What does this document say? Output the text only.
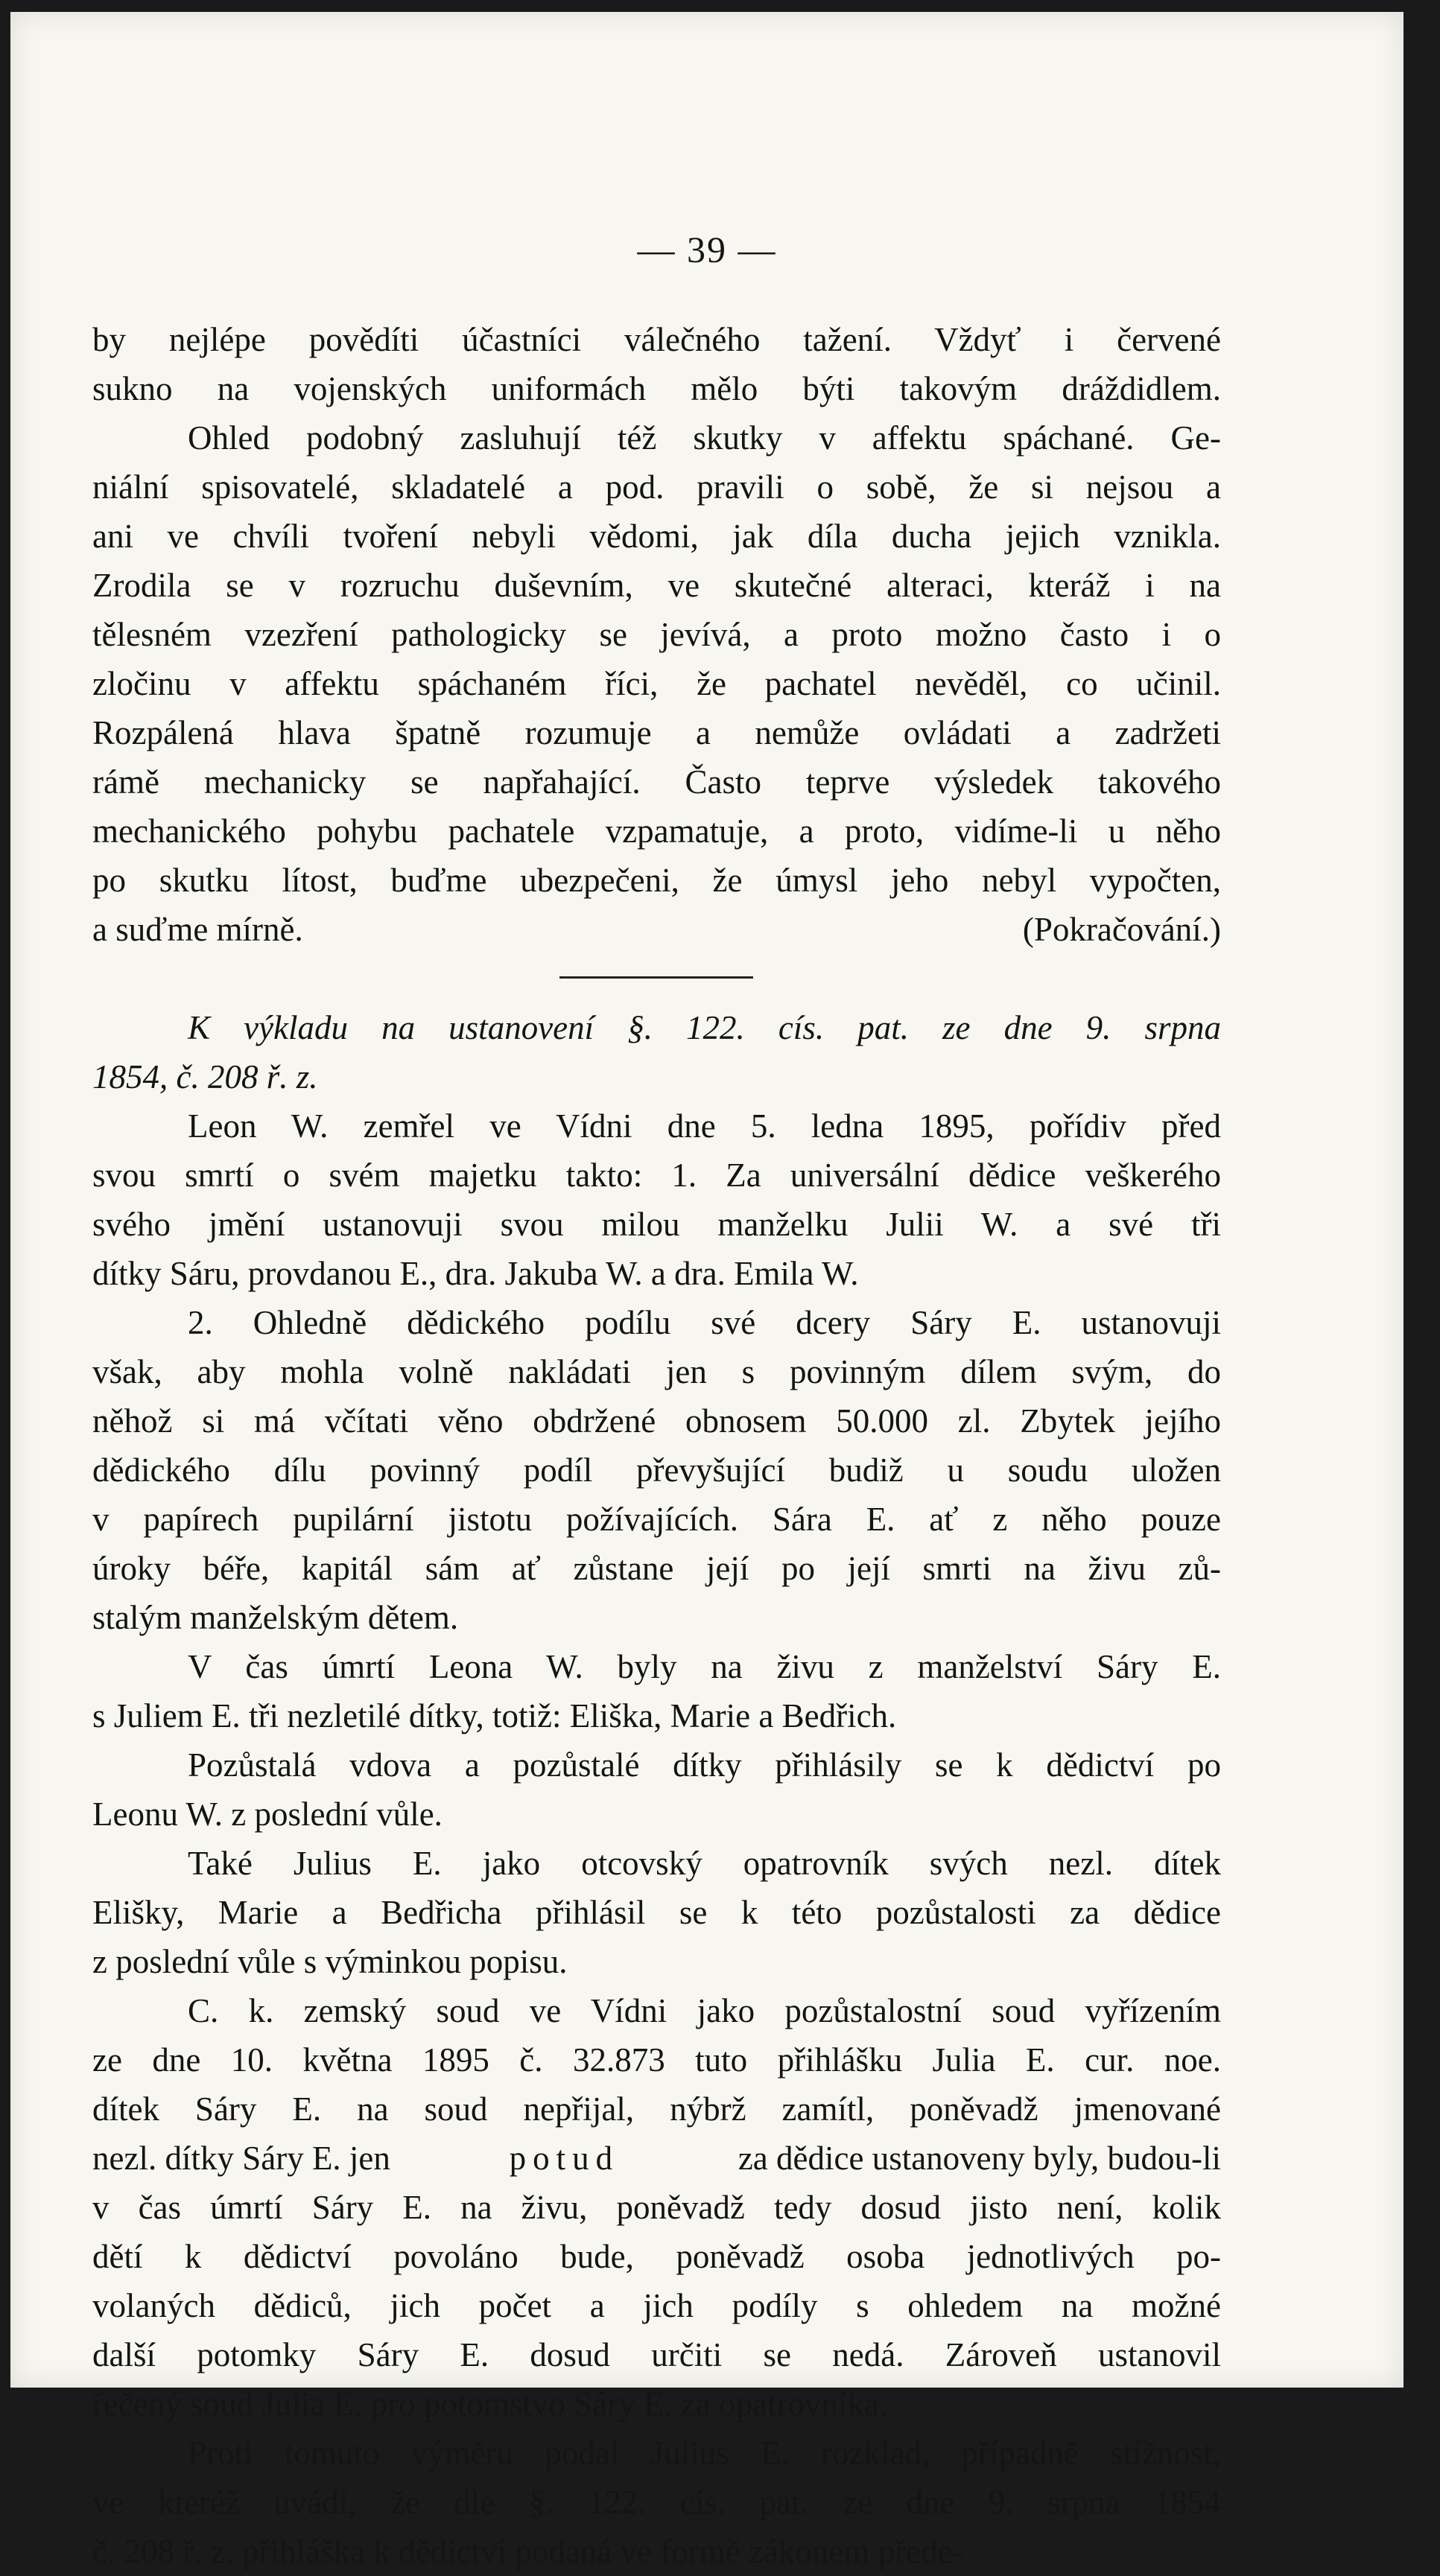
— 39 —
by nejlépe povědíti účastníci válečného tažení. Vždyť i červené
sukno na vojenských uniformách mělo býti takovým dráždidlem.
Ohled podobný zasluhují též skutky v affektu spáchané. Ge-
niální spisovatelé, skladatelé a pod. pravili o sobě, že si nejsou a
ani ve chvíli tvoření nebyli vědomi, jak díla ducha jejich vznikla.
Zrodila se v rozruchu duševním, ve skutečné alteraci, kteráž i na
tělesném vzezření pathologicky se jevívá, a proto možno často i o
zločinu v affektu spáchaném říci, že pachatel nevěděl, co učinil.
Rozpálená hlava špatně rozumuje a nemůže ovládati a zadržeti
rámě mechanicky se napřahající. Často teprve výsledek takového
mechanického pohybu pachatele vzpamatuje, a proto, vidíme-li u něho
po skutku lítost, buďme ubezpečeni, že úmysl jeho nebyl vypočten,
a suďme mírně.	(Pokračování.)
K výkladu na ustanovení §. 122. cís. pat. ze dne 9. srpna
1854, č. 208 ř. z.
Leon W. zemřel ve Vídni dne 5. ledna 1895, pořídiv před
svou smrtí o svém majetku takto: 1. Za universální dědice veškerého
svého jmění ustanovuji svou milou manželku Julii W. a své tři
dítky Sáru, provdanou E., dra. Jakuba W. a dra. Emila W.
2. Ohledně dědického podílu své dcery Sáry E. ustanovuji
však, aby mohla volně nakládati jen s povinným dílem svým, do
něhož si má včítati věno obdržené obnosem 50.000 zl. Zbytek jejího
dědického dílu povinný podíl převyšující budiž u soudu uložen
v papírech pupilární jistotu požívajících. Sára E. ať z něho pouze
úroky béře, kapitál sám ať zůstane její po její smrti na živu zů-
stalým manželským dětem.
V čas úmrtí Leona W. byly na živu z manželství Sáry E.
s Juliem E. tři nezletilé dítky, totiž: Eliška, Marie a Bedřich.
Pozůstalá vdova a pozůstalé dítky přihlásily se k dědictví po
Leonu W. z poslední vůle.
Také Julius E. jako otcovský opatrovník svých nezl. dítek
Elišky, Marie a Bedřicha přihlásil se k této pozůstalosti za dědice
z poslední vůle s výminkou popisu.
C. k. zemský soud ve Vídni jako pozůstalostní soud vyřízením
ze dne 10. května 1895 č. 32.873 tuto přihlášku Julia E. cur. noe.
dítek Sáry E. na soud nepřijal, nýbrž zamítl, poněvadž jmenované
nezl. dítky Sáry E. jen	potud	za dědice ustanoveny byly, budou-li
v čas úmrtí Sáry E. na živu, poněvadž tedy dosud jisto není, kolik
dětí k dědictví povoláno bude, poněvadž osoba jednotlivých po-
volaných dědiců, jich počet a jich podíly s ohledem na možné
další potomky Sáry E. dosud určiti se nedá. Zároveň ustanovil
řečený soud Julia E. pro potomstvo Sáry E. za opatrovníka.
Proti tomuto výměru podal Julius E. rozklad, případně stížnost,
ve kteréž uvádí, že dle §. 122. cís. pat. ze dne 9. srpna 1854
č. 208 ř. z. přihláška k dědictví podaná ve formě zákonem přede-
